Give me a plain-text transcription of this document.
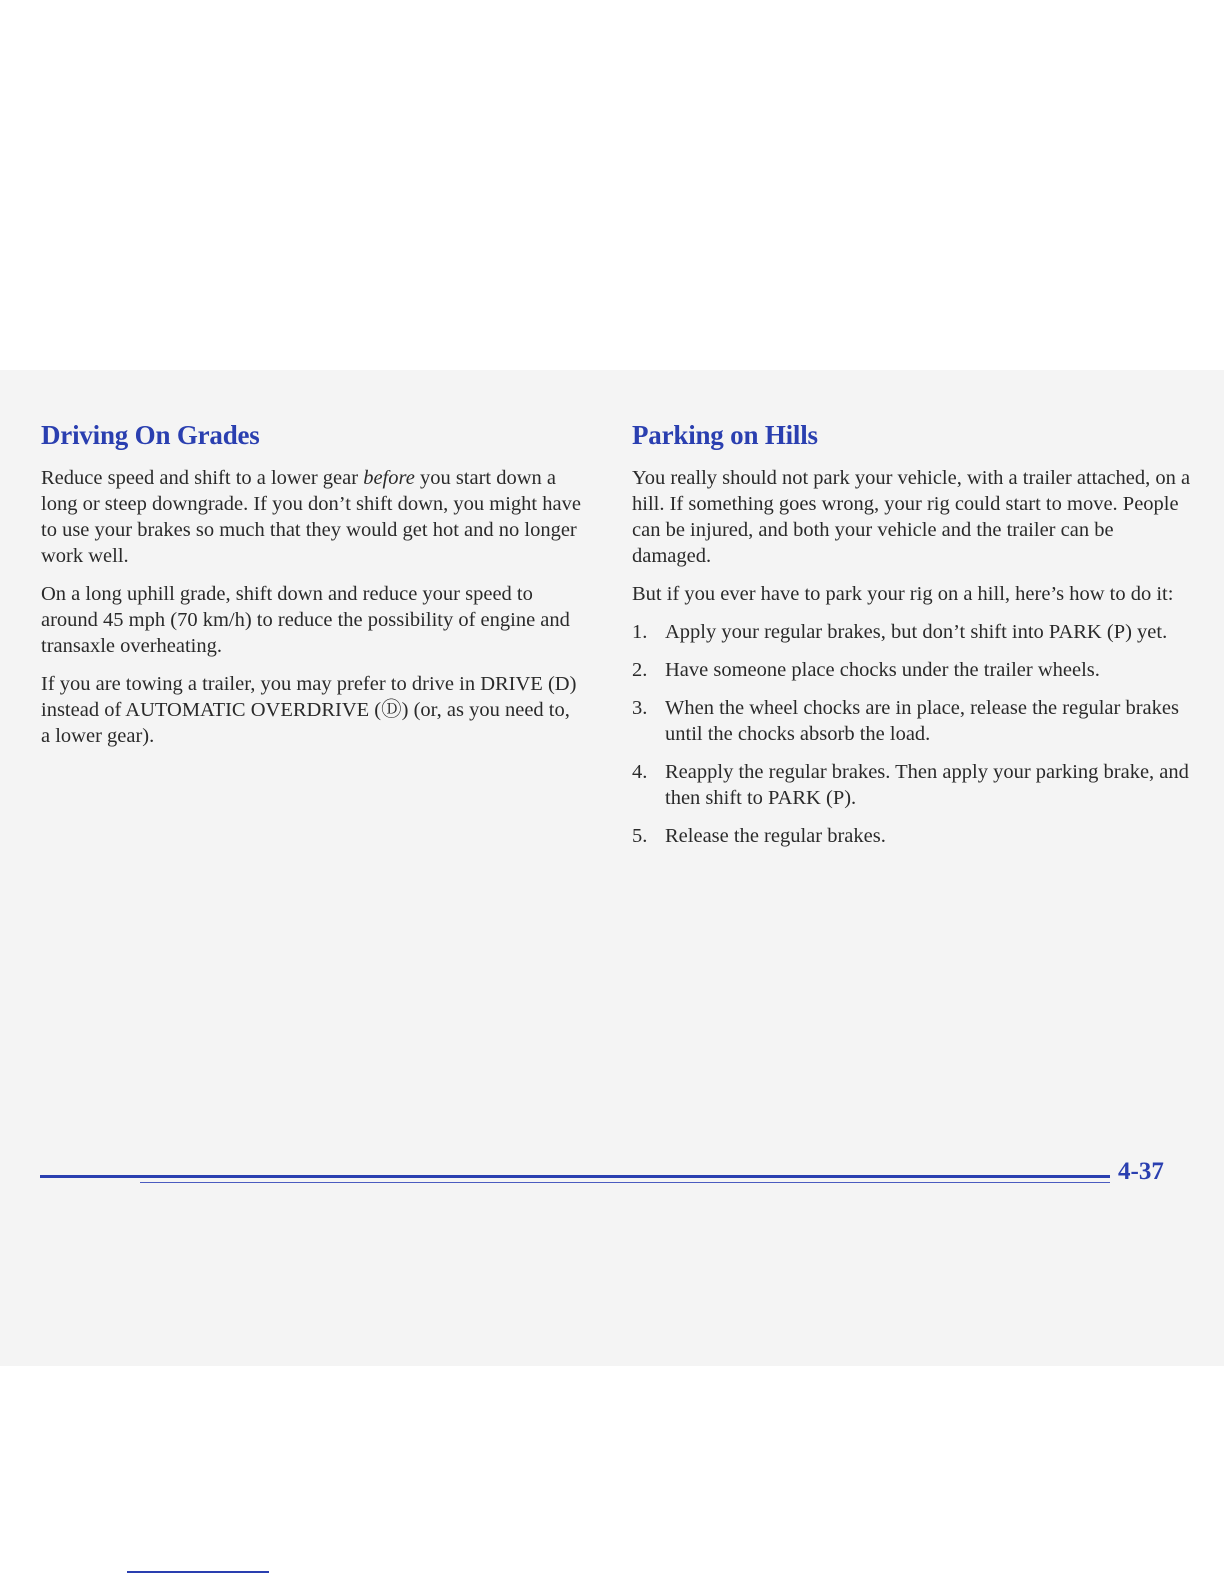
Driving On Grades

Reduce speed and shift to a lower gear before you start down a long or steep downgrade. If you don’t shift down, you might have to use your brakes so much that they would get hot and no longer work well.

On a long uphill grade, shift down and reduce your speed to around 45 mph (70 km/h) to reduce the possibility of engine and transaxle overheating.

If you are towing a trailer, you may prefer to drive in DRIVE (D) instead of AUTOMATIC OVERDRIVE (Ⓓ) (or, as you need to, a lower gear).

Parking on Hills

You really should not park your vehicle, with a trailer attached, on a hill. If something goes wrong, your rig could start to move. People can be injured, and both your vehicle and the trailer can be damaged.

But if you ever have to park your rig on a hill, here’s how to do it:

1. Apply your regular brakes, but don’t shift into PARK (P) yet.
2. Have someone place chocks under the trailer wheels.
3. When the wheel chocks are in place, release the regular brakes until the chocks absorb the load.
4. Reapply the regular brakes. Then apply your parking brake, and then shift to PARK (P).
5. Release the regular brakes.
4-37
